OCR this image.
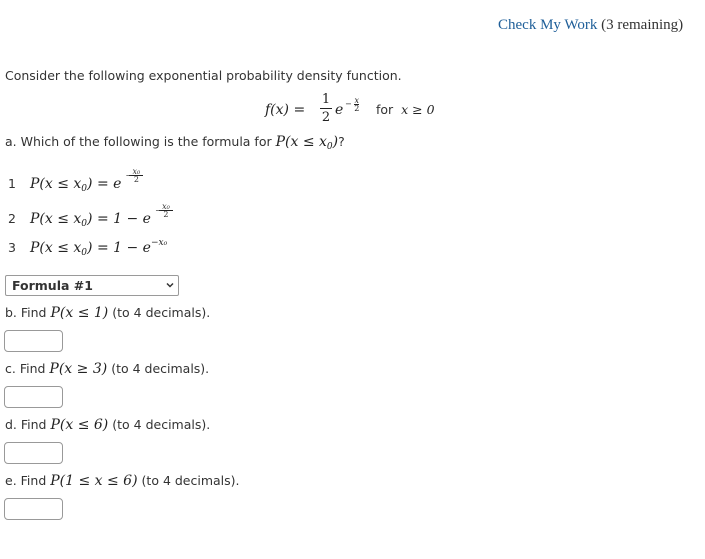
Check My Work (3 remaining)
Consider the following exponential probability density function.
f(x) =
1
2 $e - \frac{x}{2}$ for x ≥ 0
a. Which of the following is the formula for $P(x \le x_0)$?
1 $P(x \le x_0) = e$
− x₀
2
2 $P(x \le x_0) = 1 - e$
− x₀
2
3 $P(x \le x_0) = 1 - e^{-x_0}$
Formula #1
b. Find P(x ≤ 1) (to 4 decimals).
c. Find P(x ≥ 3) (to 4 decimals).
d. Find P(x ≤ 6) (to 4 decimals).
e. Find P(1 ≤ x ≤ 6) (to 4 decimals).
